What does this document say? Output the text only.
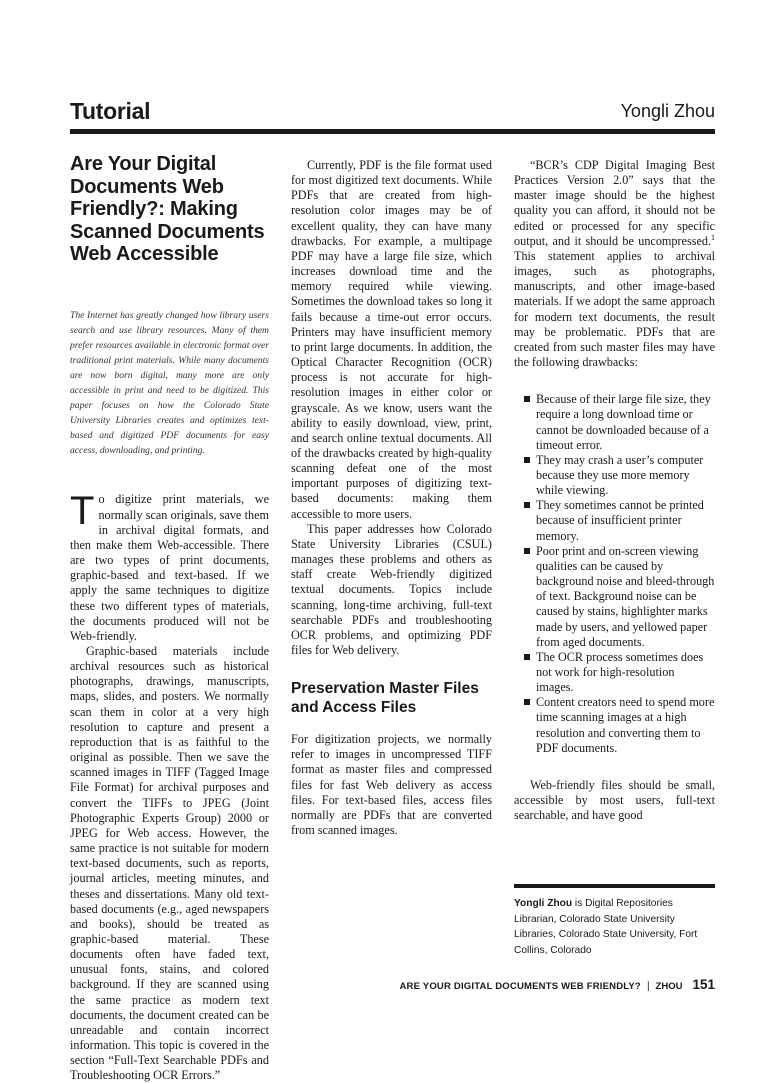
Tutorial	Yongli Zhou
Are Your Digital Documents Web Friendly?: Making Scanned Documents Web Accessible

The Internet has greatly changed how library users search and use library resources. Many of them prefer resources available in electronic format over traditional print materials. While many documents are now born digital, many more are only accessible in print and need to be digitized. This paper focuses on how the Colorado State University Libraries creates and optimizes text-based and digitized PDF documents for easy access, downloading, and printing.

To digitize print materials, we normally scan originals, save them in archival digital formats, and then make them Web-accessible. There are two types of print documents, graphic-based and text-based. If we apply the same techniques to digitize these two different types of materials, the documents produced will not be Web-friendly.

Graphic-based materials include archival resources such as historical photographs, drawings, manuscripts, maps, slides, and posters. We normally scan them in color at a very high resolution to capture and present a reproduction that is as faithful to the original as possible. Then we save the scanned images in TIFF (Tagged Image File Format) for archival purposes and convert the TIFFs to JPEG (Joint Photographic Experts Group) 2000 or JPEG for Web access. However, the same practice is not suitable for modern text-based documents, such as reports, journal articles, meeting minutes, and theses and dissertations. Many old text-based documents (e.g., aged newspapers and books), should be treated as graphic-based material. These documents often have faded text, unusual fonts, stains, and colored background. If they are scanned using the same practice as modern text documents, the document created can be unreadable and contain incorrect information. This topic is covered in the section “Full-Text Searchable PDFs and Troubleshooting OCR Errors.”

Currently, PDF is the file format used for most digitized text documents. While PDFs that are created from high-resolution color images may be of excellent quality, they can have many drawbacks. For example, a multipage PDF may have a large file size, which increases download time and the memory required while viewing. Sometimes the download takes so long it fails because a time-out error occurs. Printers may have insufficient memory to print large documents. In addition, the Optical Character Recognition (OCR) process is not accurate for high-resolution images in either color or grayscale. As we know, users want the ability to easily download, view, print, and search online textual documents. All of the drawbacks created by high-quality scanning defeat one of the most important purposes of digitizing text-based documents: making them accessible to more users.

This paper addresses how Colorado State University Libraries (CSUL) manages these problems and others as staff create Web-friendly digitized textual documents. Topics include scanning, long-time archiving, full-text searchable PDFs and troubleshooting OCR problems, and optimizing PDF files for Web delivery.

Preservation Master Files and Access Files

For digitization projects, we normally refer to images in uncompressed TIFF format as master files and compressed files for fast Web delivery as access files. For text-based files, access files normally are PDFs that are converted from scanned images.

“BCR’s CDP Digital Imaging Best Practices Version 2.0” says that the master image should be the highest quality you can afford, it should not be edited or processed for any specific output, and it should be uncompressed.$^1$ This statement applies to archival images, such as photographs, manuscripts, and other image-based materials. If we adopt the same approach for modern text documents, the result may be problematic. PDFs that are created from such master files may have the following drawbacks:

Because of their large file size, they require a long download time or cannot be downloaded because of a timeout error.
They may crash a user’s computer because they use more memory while viewing.
They sometimes cannot be printed because of insufficient printer memory.
Poor print and on-screen viewing qualities can be caused by background noise and bleed-through of text. Background noise can be caused by stains, highlighter marks made by users, and yellowed paper from aged documents.
The OCR process sometimes does not work for high-resolution images.
Content creators need to spend more time scanning images at a high resolution and converting them to PDF documents.

Web-friendly files should be small, accessible by most users, full-text searchable, and have good

Yongli Zhou is Digital Repositories Librarian, Colorado State University Libraries, Colorado State University, Fort Collins, Colorado

ARE YOUR DIGITAL DOCUMENTS WEB FRIENDLY? | ZHOU 151
